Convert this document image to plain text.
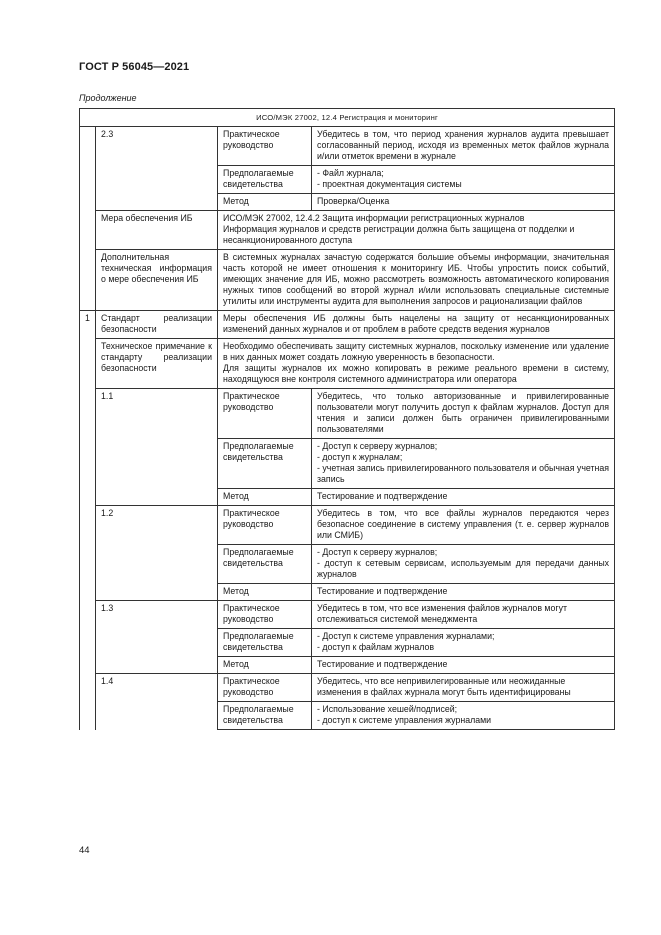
ГОСТ Р 56045—2021
Продолжение
ИСО/МЭК 27002, 12.4 Регистрация и мониторинг			
	2.3	Практическое руководство	Убедитесь в том, что период хранения журналов аудита превышает согласованный период, исходя из временных меток файлов журнала и/или отметок времени в журнале
		Предполагаемые свидетельства	- Файл журнала;
- проектная документация системы

		Метод	Проверка/Оценка
	Мера обеспечения ИБ	ИСО/МЭК 27002, 12.4.2 Защита информации регистрационных журналов
Информация журналов и средств регистрации должна быть защищена от подделки и несанкционированного доступа	

	Дополнительная техническая информация о мере обеспечения ИБ	В системных журналах зачастую содержатся большие объемы информации, значительная часть которой не имеет отношения к мониторингу ИБ. Чтобы упростить поиск событий, имеющих значение для ИБ, можно рассмотреть возможность автоматического копирования нужных типов сообщений во второй журнал и/или использовать специальные системные утилиты или инструменты аудита для выполнения запросов и рационализации файлов	
1	Стандарт реализации безопасности	Меры обеспечения ИБ должны быть нацелены на защиту от несанкционированных изменений данных журналов и от проблем в работе средств ведения журналов	
	Техническое примечание к стандарту реализации безопасности	Необходимо обеспечивать защиту системных журналов, поскольку изменение или удаление в них данных может создать ложную уверенность в безопасности.
Для защиты журналов их можно копировать в режиме реального времени в систему, находящуюся вне контроля системного администратора или оператора	

	1.1	Практическое руководство	Убедитесь, что только авторизованные и привилегированные пользователи могут получить доступ к файлам журналов. Доступ для чтения и записи должен быть ограничен привилегированными пользователями
		Предполагаемые свидетельства	- Доступ к серверу журналов;
- доступ к журналам;
- учетная запись привилегированного пользователя и обычная учетная запись

		Метод	Тестирование и подтверждение
	1.2	Практическое руководство	Убедитесь в том, что все файлы журналов передаются через безопасное соединение в систему управления (т. е. сервер журналов или СМИБ)
		Предполагаемые свидетельства	- Доступ к серверу журналов;
- доступ к сетевым сервисам, используемым для передачи данных журналов

		Метод	Тестирование и подтверждение
	1.3	Практическое руководство	Убедитесь в том, что все изменения файлов журналов могут отслеживаться системой менеджмента
		Предполагаемые свидетельства	- Доступ к системе управления журналами;
- доступ к файлам журналов

		Метод	Тестирование и подтверждение
	1.4	Практическое руководство	Убедитесь, что все непривилегированные или неожиданные изменения в файлах журнала могут быть идентифицированы
		Предполагаемые свидетельства	- Использование хешей/подписей;
- доступ к системе управления журналами
44
